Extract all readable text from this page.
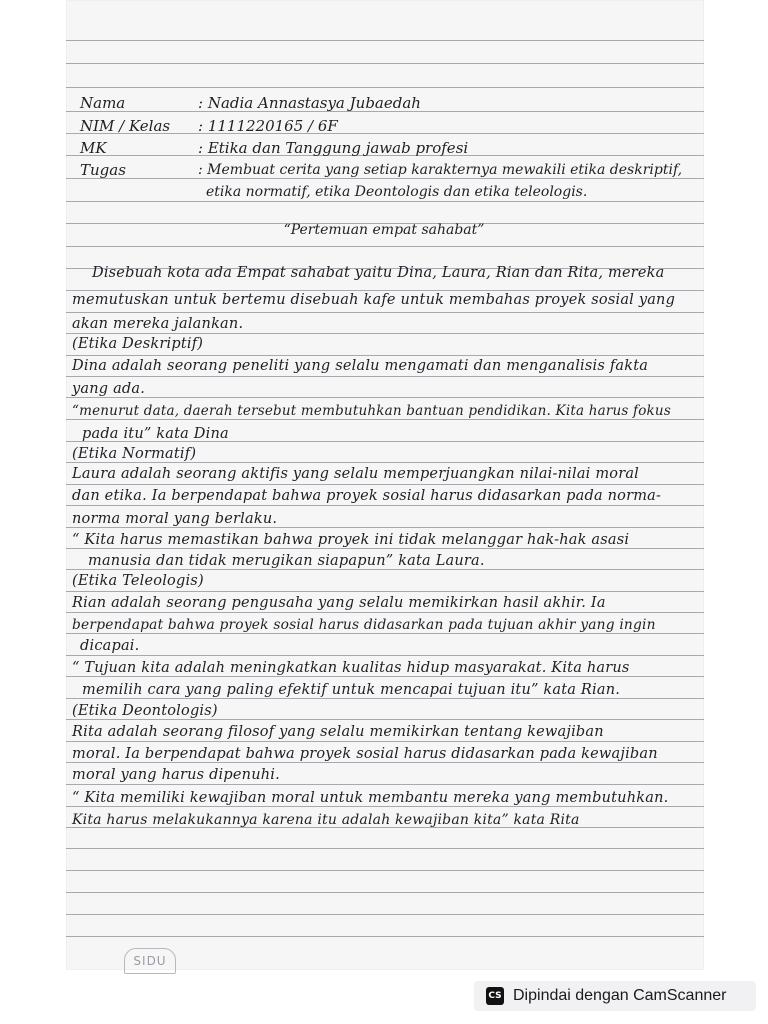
Nama	: Nadia Annastasya Jubaedah
NIM / Kelas : 1111220165 / 6F
MK	: Etika dan Tanggung jawab profesi
Tugas	: Membuat cerita yang setiap karakternya mewakili etika deskriptif,
etika normatif, etika Deontologis dan etika teleologis.
“Pertemuan empat sahabat”
Disebuah kota ada Empat sahabat yaitu Dina, Laura, Rian dan Rita, mereka
memutuskan untuk bertemu disebuah kafe untuk membahas proyek sosial yang
akan mereka jalankan.
(Etika Deskriptif)
Dina adalah seorang peneliti yang selalu mengamati dan menganalisis fakta
yang ada.
“menurut data, daerah tersebut membutuhkan bantuan pendidikan. Kita harus fokus
pada itu” kata Dina
(Etika Normatif)
Laura adalah seorang aktifis yang selalu memperjuangkan nilai-nilai moral
dan etika. Ia berpendapat bahwa proyek sosial harus didasarkan pada norma-
norma moral yang berlaku.
“ Kita harus memastikan bahwa proyek ini tidak melanggar hak-hak asasi
manusia dan tidak merugikan siapapun” kata Laura.
(Etika Teleologis)
Rian adalah seorang pengusaha yang selalu memikirkan hasil akhir. Ia
berpendapat bahwa proyek sosial harus didasarkan pada tujuan akhir yang ingin
dicapai.
“ Tujuan kita adalah meningkatkan kualitas hidup masyarakat. Kita harus
memilih cara yang paling efektif untuk mencapai tujuan itu” kata Rian.
(Etika Deontologis)
Rita adalah seorang filosof yang selalu memikirkan tentang kewajiban
moral. Ia berpendapat bahwa proyek sosial harus didasarkan pada kewajiban
moral yang harus dipenuhi.
“ Kita memiliki kewajiban moral untuk membantu mereka yang membutuhkan.
Kita harus melakukannya karena itu adalah kewajiban kita” kata Rita
SIDU
CS Dipindai dengan CamScanner
